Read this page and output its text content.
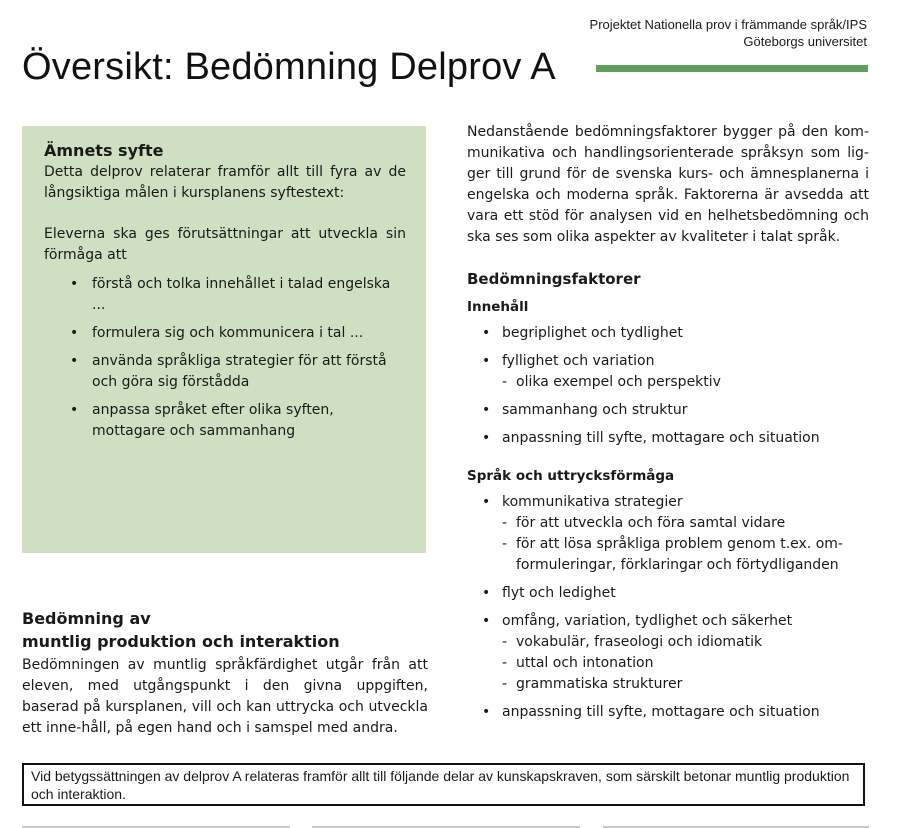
Projektet Nationella prov i främmande språk/IPS
Göteborgs universitet
Översikt: Bedömning Delprov A
Ämnets syfte

Detta delprov relaterar framför allt till fyra av de långsiktiga målen i kursplanens syftestext:

Eleverna ska ges förutsättningar att utveckla sin förmåga att

• förstå och tolka innehållet i talad engelska ...
• formulera sig och kommunicera i tal ...
• använda språkliga strategier för att förstå och göra sig förstådda
• anpassa språket efter olika syften, mottagare och sammanhang
Bedömning av
muntlig produktion och interaktion

Bedömningen av muntlig språkfärdighet utgår från att eleven, med utgångspunkt i den givna uppgiften, baserad på kursplanen, vill och kan uttrycka och utveckla ett inne-håll, på egen hand och i samspel med andra.

Nedanstående bedömningsfaktorer bygger på den kom-munikativa och handlingsorienterade språksyn som lig-ger till grund för de svenska kurs- och ämnesplanerna i engelska och moderna språk. Faktorerna är avsedda att vara ett stöd för analysen vid en helhetsbedömning och ska ses som olika aspekter av kvaliteter i talat språk.

Bedömningsfaktorer
Innehåll
• begriplighet och tydlighet
• fyllighet och variation
- olika exempel och perspektiv
• sammanhang och struktur
• anpassning till syfte, mottagare och situation
Språk och uttrycksförmåga
• kommunikativa strategier
- för att utveckla och föra samtal vidare
- för att lösa språkliga problem genom t.ex. om-
formuleringar, förklaringar och förtydliganden
• flyt och ledighet
• omfång, variation, tydlighet och säkerhet
- vokabulär, fraseologi och idiomatik
- uttal och intonation
- grammatiska strukturer
• anpassning till syfte, mottagare och situation
Vid betygssättningen av delprov A relateras framför allt till följande delar av kunskapskraven, som särskilt betonar muntlig produktion och interaktion.
